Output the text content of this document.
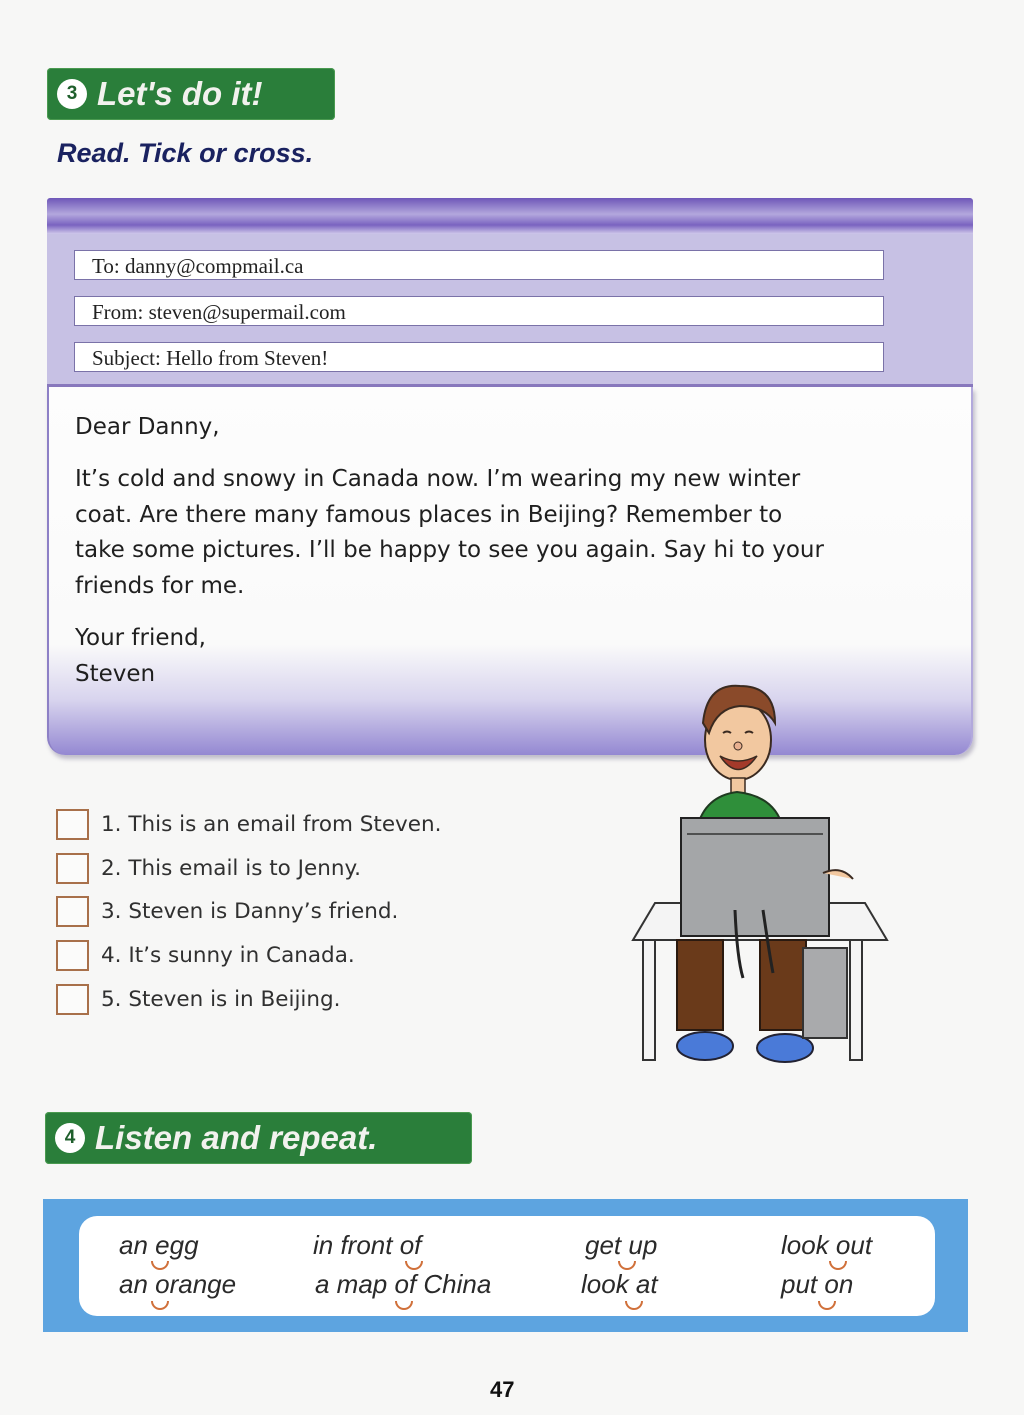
3 Let's do it!
Read. Tick or cross.
To: danny@compmail.ca
From: steven@supermail.com
Subject: Hello from Steven!
Dear Danny,
It’s cold and snowy in Canada now. I’m wearing my new winter
coat. Are there many famous places in Beijing? Remember to
take some pictures. I’ll be happy to see you again. Say hi to your
friends for me.
Your friend,
Steven
1. This is an email from Steven.
2. This email is to Jenny.
3. Steven is Danny’s friend.
4. It’s sunny in Canada.
5. Steven is in Beijing.
4 Listen and repeat.
an egg
an orange
in front of
a map of China
get up
look at
look out
put on
47
